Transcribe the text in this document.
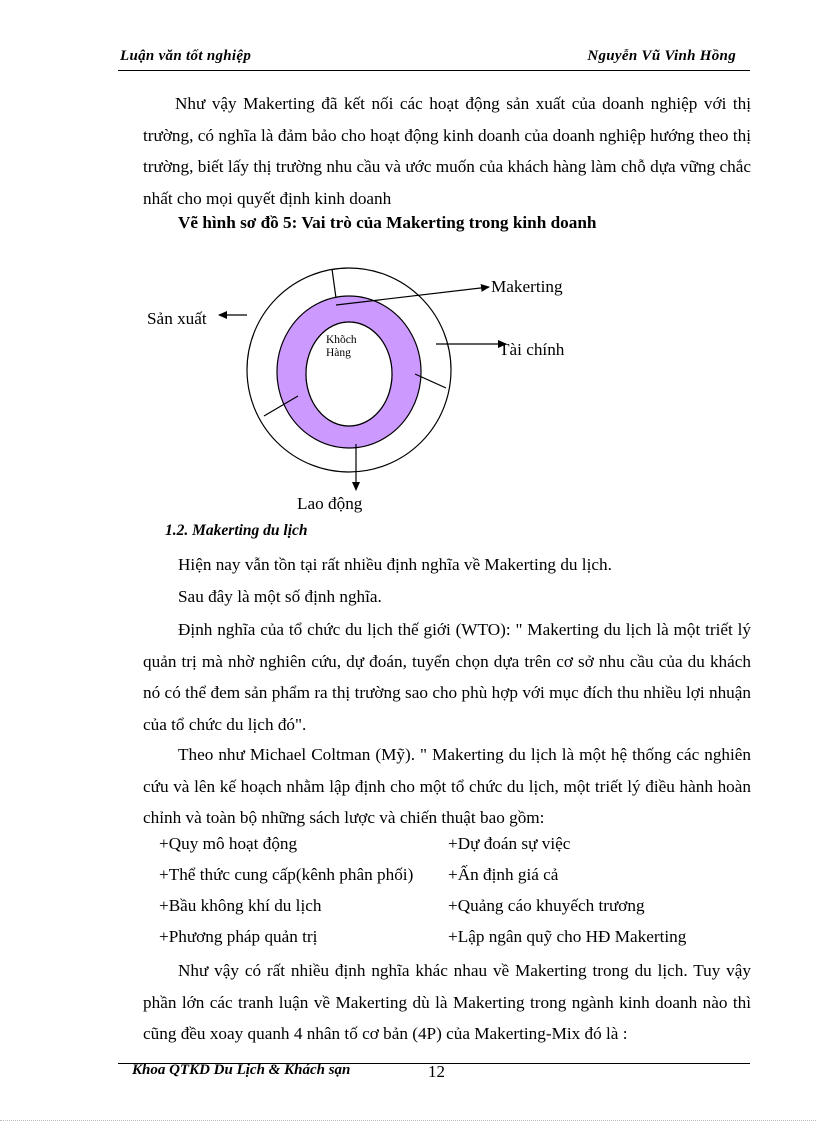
Luận văn tốt nghiệp	Nguyễn Vũ Vinh Hồng

Như vậy Makerting đã kết nối các hoạt động sản xuất của doanh nghiệp với thị trường, có nghĩa là đảm bảo cho hoạt động kinh doanh của doanh nghiệp hướng theo thị trường, biết lấy thị trường nhu cầu và ước muốn của khách hàng làm chỗ dựa vững chắc nhất cho mọi quyết định kinh doanh

Vẽ hình sơ đồ 5: Vai trò của Makerting trong kinh doanh
Makerting
Sản xuất
Tài chính
Lao động
Khõch
Hàng
1.2. Makerting du lịch
Hiện nay vẫn tồn tại rất nhiều định nghĩa về Makerting du lịch.
Sau đây là một số định nghĩa.

Định nghĩa của tổ chức du lịch thế giới (WTO): " Makerting du lịch là một triết lý quản trị mà nhờ nghiên cứu, dự đoán, tuyển chọn dựa trên cơ sở nhu cầu của du khách nó có thể đem sản phẩm ra thị trường sao cho phù hợp với mục đích thu nhiều lợi nhuận của tổ chức du lịch đó".

Theo như Michael Coltman (Mỹ). " Makerting du lịch là một hệ thống các nghiên cứu và lên kế hoạch nhằm lập định cho một tổ chức du lịch, một triết lý điều hành hoàn chỉnh và toàn bộ những sách lược và chiến thuật bao gồm:

+Quy mô hoạt động
+Thể thức cung cấp(kênh phân phối)
+Bầu không khí du lịch
+Phương pháp quản trị
+Dự đoán sự việc
+Ấn định giá cả
+Quảng cáo khuyếch trương
+Lập ngân quỹ cho HĐ Makerting

Như vậy có rất nhiều định nghĩa khác nhau về Makerting trong du lịch. Tuy vậy phần lớn các tranh luận về Makerting dù là Makerting trong ngành kinh doanh nào thì cũng đều xoay quanh 4 nhân tố cơ bản (4P) của Makerting-Mix đó là :

Khoa QTKD Du Lịch & Khách sạn	12
